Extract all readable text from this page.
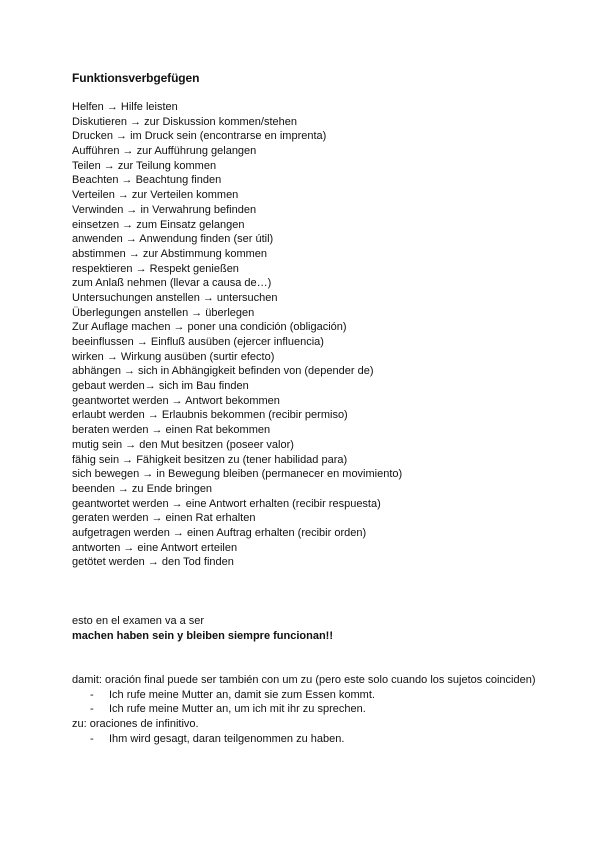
Funktionsverbgefügen
Helfen → Hilfe leisten
Diskutieren → zur Diskussion kommen/stehen
Drucken → im Druck sein (encontrarse en imprenta)
Aufführen → zur Aufführung gelangen
Teilen → zur Teilung kommen
Beachten → Beachtung finden
Verteilen → zur Verteilen kommen
Verwinden → in Verwahrung befinden
einsetzen → zum Einsatz gelangen
anwenden → Anwendung finden (ser útil)
abstimmen → zur Abstimmung kommen
respektieren → Respekt genießen
zum Anlaß nehmen (llevar a causa de…)
Untersuchungen anstellen → untersuchen
Überlegungen anstellen → überlegen
Zur Auflage machen → poner una condición (obligación)
beeinflussen → Einfluß ausüben (ejercer influencia)
wirken → Wirkung ausüben (surtir efecto)
abhängen → sich in Abhängigkeit befinden von (depender de)
gebaut werden→ sich im Bau finden
geantwortet werden → Antwort bekommen
erlaubt werden → Erlaubnis bekommen (recibir permiso)
beraten werden → einen Rat bekommen
mutig sein → den Mut besitzen (poseer valor)
fähig sein → Fähigkeit besitzen zu (tener habilidad para)
sich bewegen → in Bewegung bleiben (permanecer en movimiento)
beenden → zu Ende bringen
geantwortet werden → eine Antwort erhalten (recibir respuesta)
geraten werden → einen Rat erhalten
aufgetragen werden → einen Auftrag erhalten (recibir orden)
antworten → eine Antwort erteilen
getötet werden → den Tod finden
esto en el examen va a ser
machen haben sein y bleiben siempre funcionan!!
damit: oración final puede ser también con um zu (pero este solo cuando los sujetos coinciden)
- Ich rufe meine Mutter an, damit sie zum Essen kommt.
- Ich rufe meine Mutter an, um ich mit ihr zu sprechen.
zu: oraciones de infinitivo.
- Ihm wird gesagt, daran teilgenommen zu haben.
